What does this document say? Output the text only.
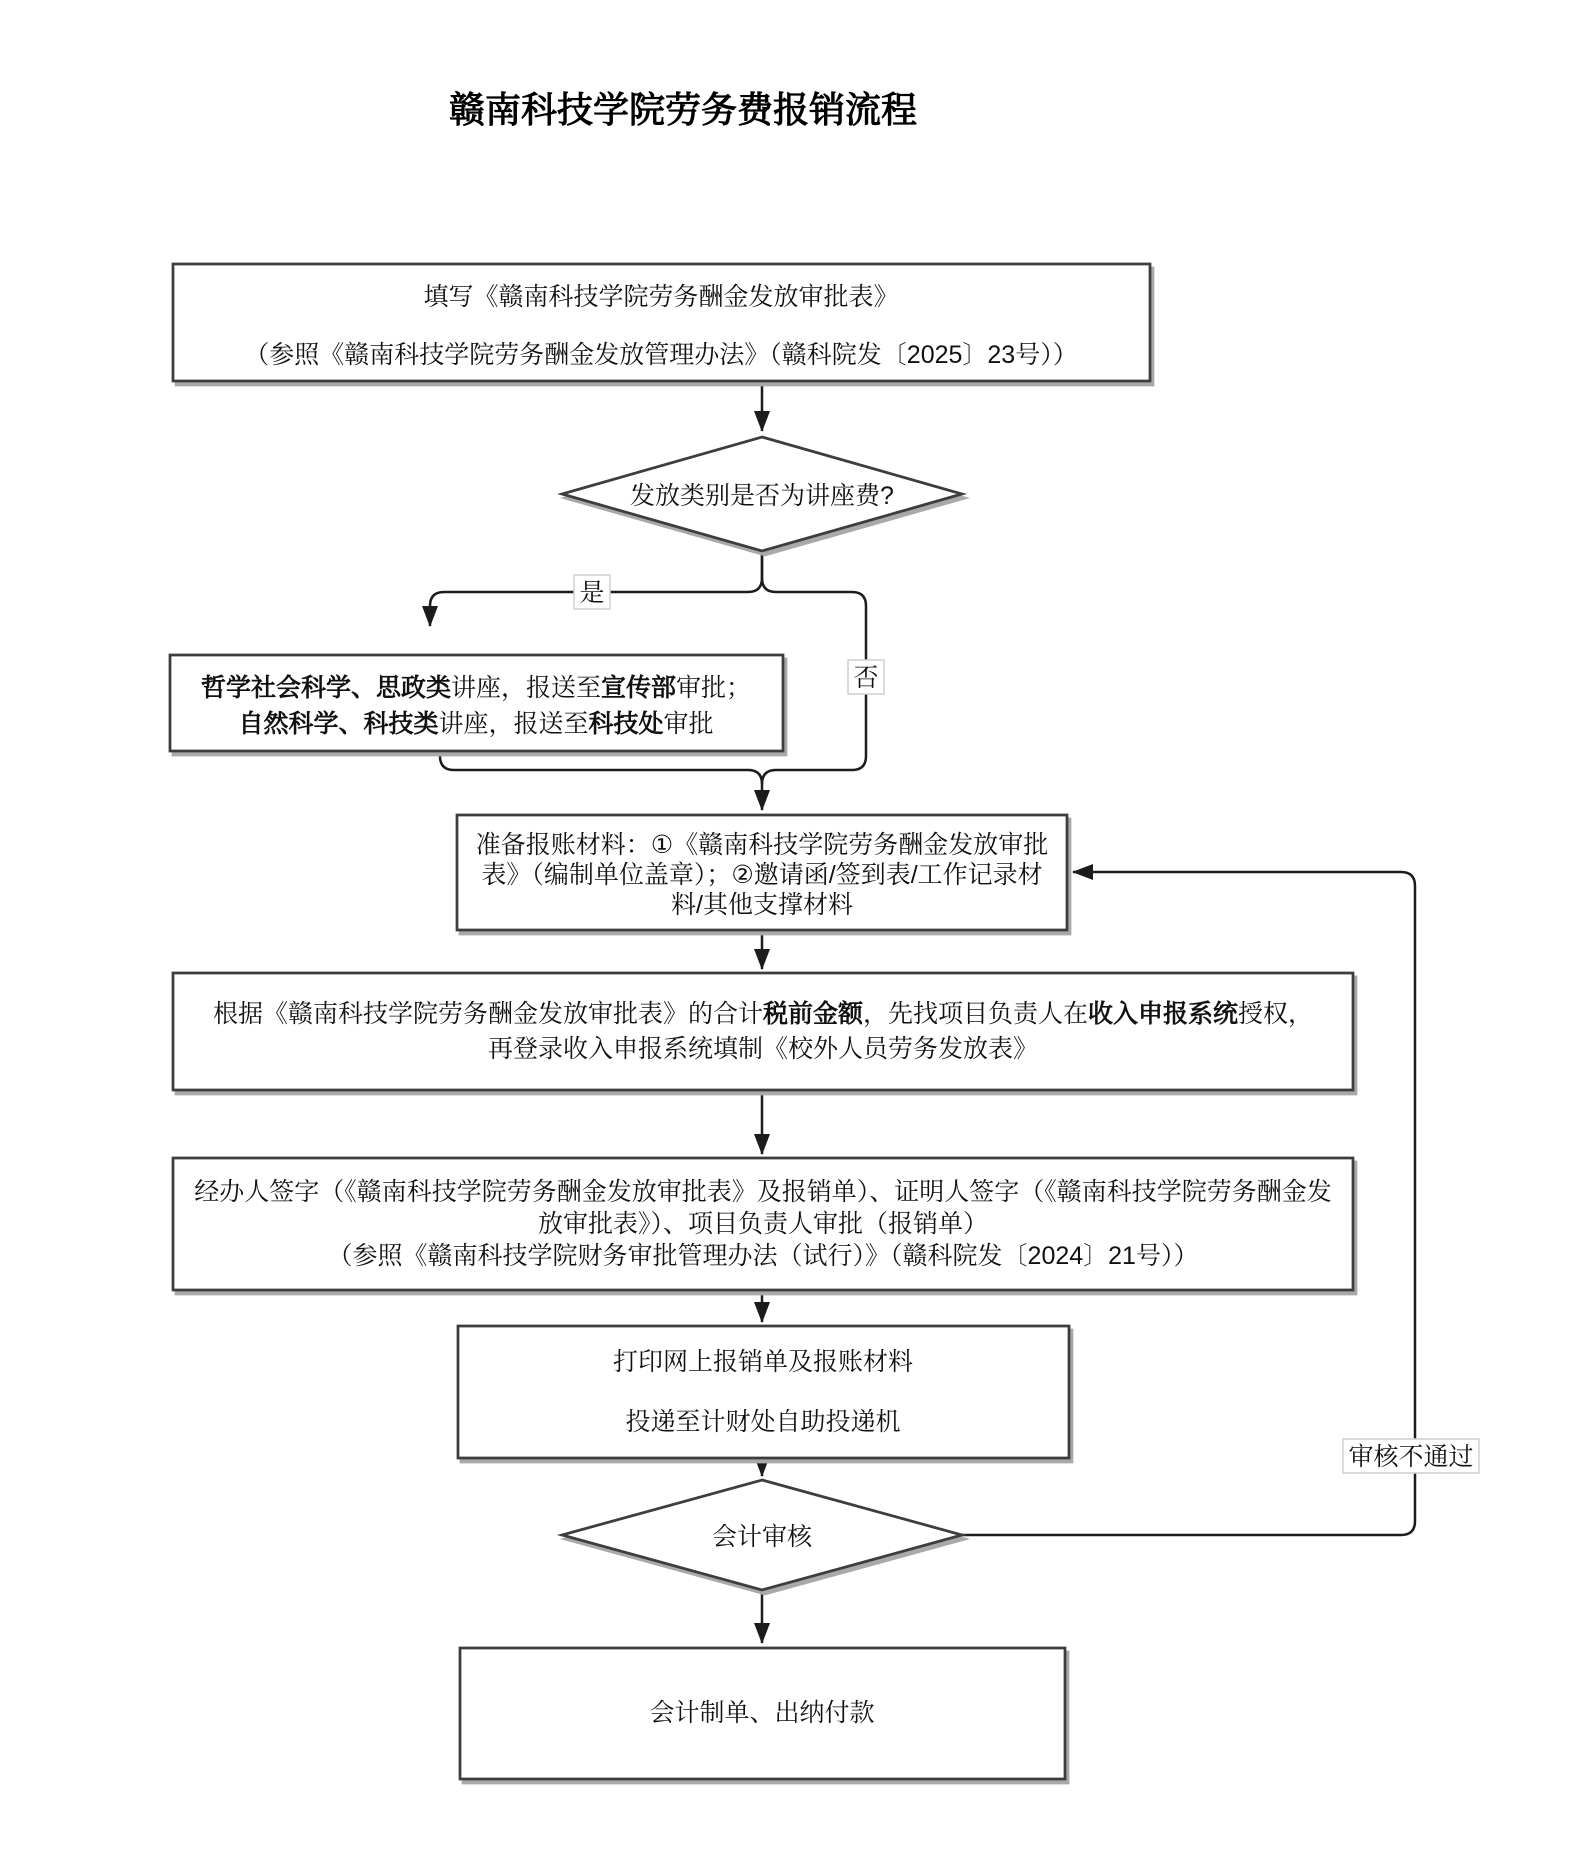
赣南科技学院劳务费报销流程
填写《赣南科技学院劳务酬金发放审批表》
（参照《赣南科技学院劳务酬金发放管理办法》（赣科院发〔2025〕23号））
发放类别是否为讲座费?
是
否
哲学社会科学、思政类讲座，报送至宣传部审批；
自然科学、科技类讲座，报送至科技处审批
准备报账材料：①《赣南科技学院劳务酬金发放审批
表》（编制单位盖章）；②邀请函/签到表/工作记录材
料/其他支撑材料
根据《赣南科技学院劳务酬金发放审批表》的合计税前金额，先找项目负责人在收入申报系统授权，
再登录收入申报系统填制《校外人员劳务发放表》
经办人签字（《赣南科技学院劳务酬金发放审批表》及报销单）、证明人签字（《赣南科技学院劳务酬金发
放审批表》）、项目负责人审批（报销单）
（参照《赣南科技学院财务审批管理办法（试行）》（赣科院发〔2024〕21号））
打印网上报销单及报账材料
投递至计财处自助投递机
会计审核
审核不通过
会计制单、出纳付款
